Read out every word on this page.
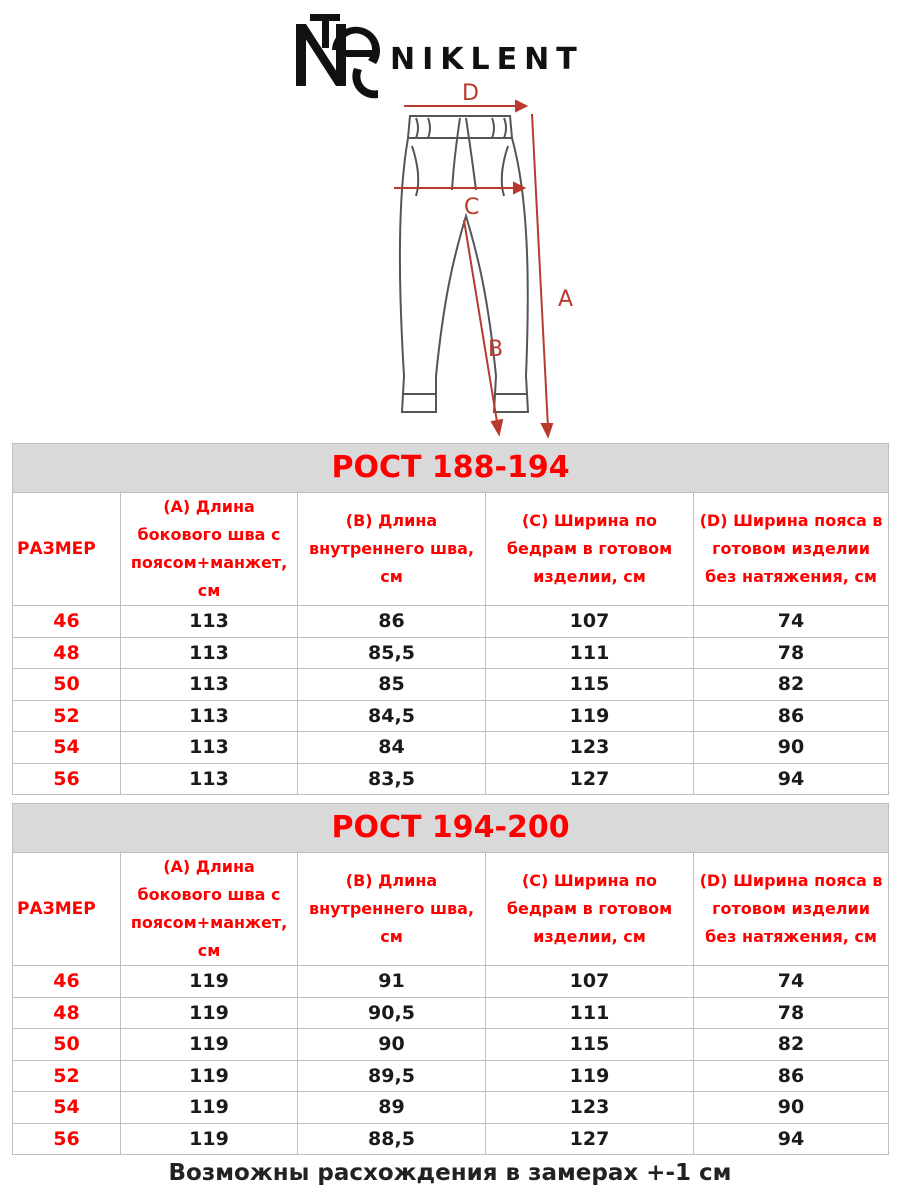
NIKLENT
D
C
B
A
РОСТ 188-194				
РАЗМЕР	(A) Длина бокового шва с поясом+манжет, см	(B) Длина внутреннего шва, см	(C) Ширина по бедрам в готовом изделии, см	(D) Ширина пояса в готовом изделии без натяжения, см
46	113	86	107	74
48	113	85,5	111	78
50	113	85	115	82
52	113	84,5	119	86
54	113	84	123	90
56	113	83,5	127	94
РОСТ 194-200				
РАЗМЕР	(A) Длина бокового шва с поясом+манжет, см	(B) Длина внутреннего шва, см	(C) Ширина по бедрам в готовом изделии, см	(D) Ширина пояса в готовом изделии без натяжения, см
46	119	91	107	74
48	119	90,5	111	78
50	119	90	115	82
52	119	89,5	119	86
54	119	89	123	90
56	119	88,5	127	94
Возможны расхождения в замерах +-1 см
